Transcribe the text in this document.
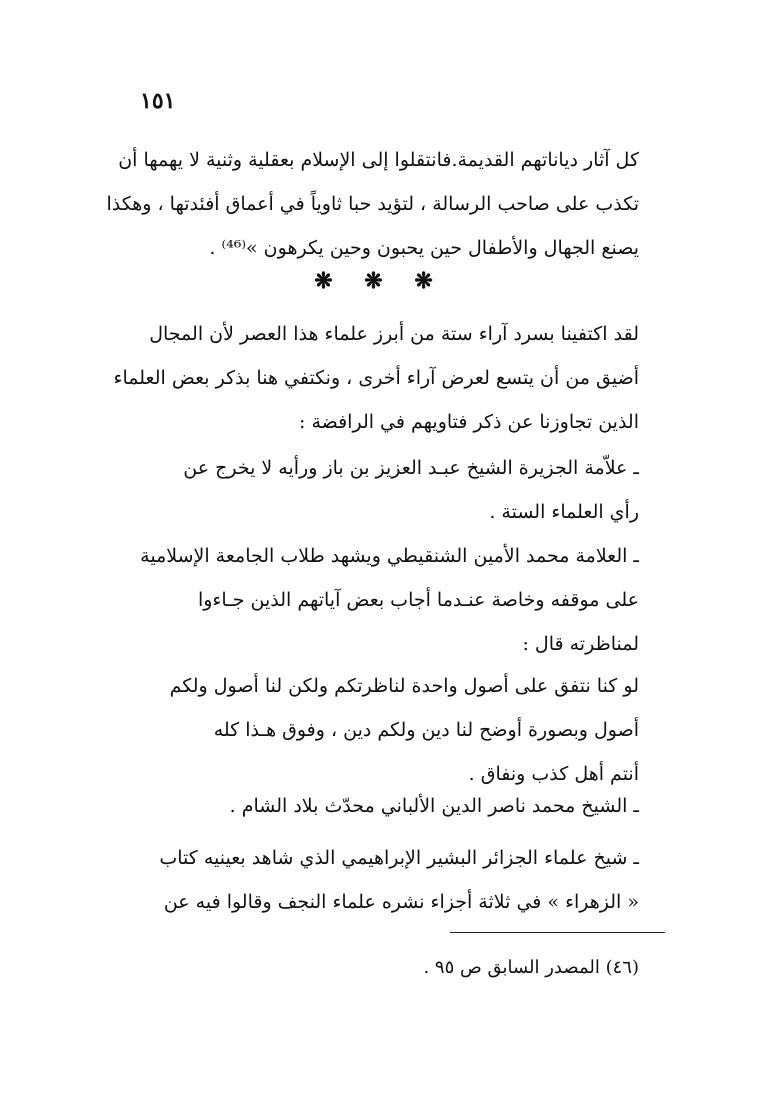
١٥١
كل آثار دياناتهم القديمة.فانتقلوا إلى الإسلام بعقلية وثنية لا يهمها أن
تكذب على صاحب الرسالة ، لتؤيد حبا ثاوياً في أعماق أفئدتها ، وهكذا
يصنع الجهال والأطفال حين يحبون وحين يكرهون »⁽⁴⁶⁾ .
❋ ❋ ❋
لقد اكتفينا بسرد آراء ستة من أبرز علماء هذا العصر لأن المجال
أضيق من أن يتسع لعرض آراء أخرى ، ونكتفي هنا بذكر بعض العلماء
الذين تجاوزنا عن ذكر فتاويهم في الرافضة :
ـ علاّمة الجزيرة الشيخ عبـد العزيز بن باز ورأيه لا يخرج عن
رأي العلماء الستة .
ـ العلامة محمد الأمين الشنقيطي ويشهد طلاب الجامعة الإسلامية
على موقفه وخاصة عنـدما أجاب بعض آياتهم الذين جـاءوا
لمناظرته قال :
لو كنا نتفق على أصول واحدة لناظرتكم ولكن لنا أصول ولكم
أصول وبصورة أوضح لنا دين ولكم دين ، وفوق هـذا كله
أنتم أهل كذب ونفاق .
ـ الشيخ محمد ناصر الدين الألباني محدّث بلاد الشام .
ـ شيخ علماء الجزائر البشير الإبراهيمي الذي شاهد بعينيه كتاب
« الزهراء » في ثلاثة أجزاء نشره علماء النجف وقالوا فيه عن
(٤٦) المصدر السابق ص ٩٥ .
